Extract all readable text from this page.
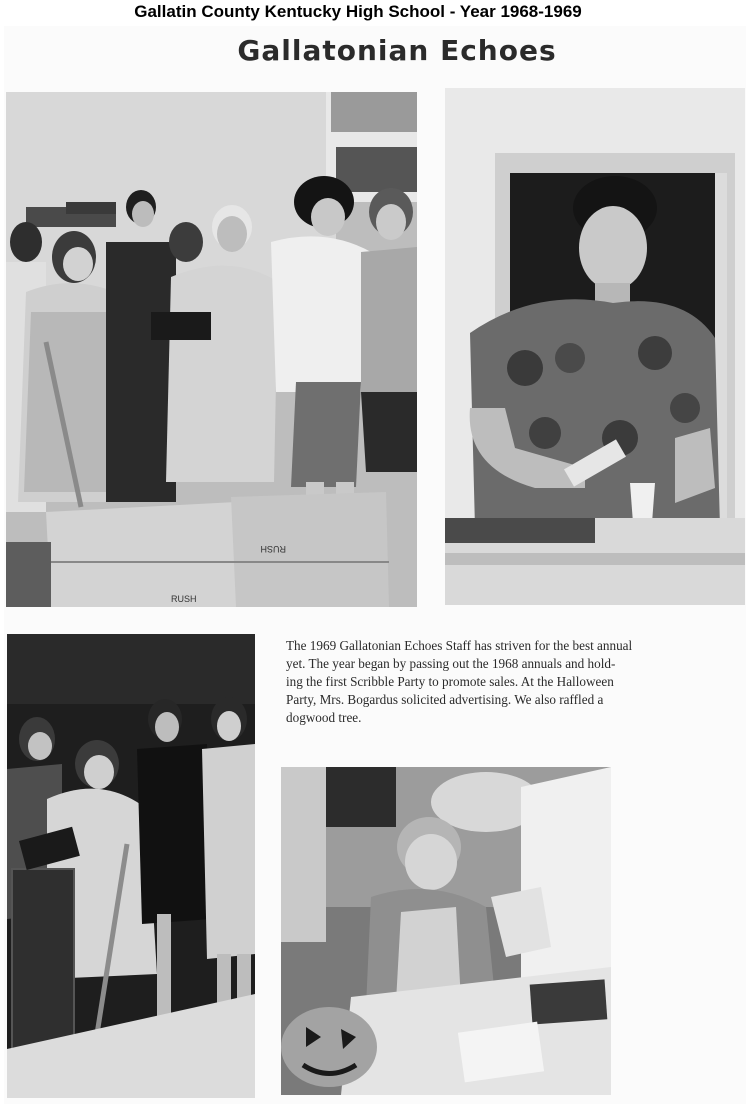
Gallatin County Kentucky High School - Year 1968-1969
Gallatonian Echoes
RUSH
RUSH
The 1969 Gallatonian Echoes Staff has striven for the best annual
yet. The year began by passing out the 1968 annuals and hold-
ing the first Scribble Party to promote sales. At the Halloween
Party, Mrs. Bogardus solicited advertising. We also raffled a
dogwood tree.
